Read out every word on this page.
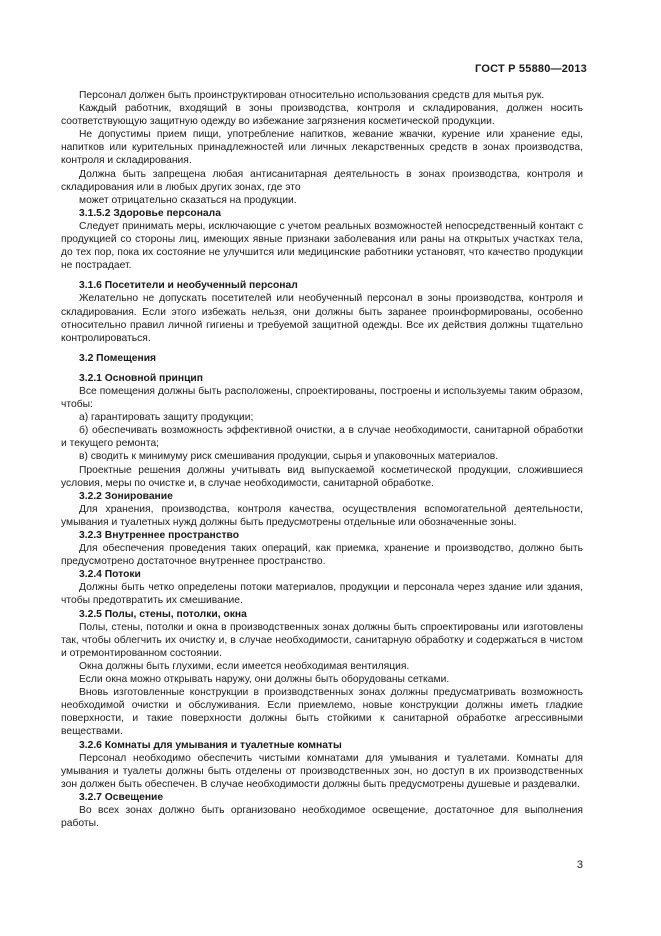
ГОСТ Р 55880—2013

Персонал должен быть проинструктирован относительно использования средств для мытья рук.

Каждый работник, входящий в зоны производства, контроля и складирования, должен носить соответствующую защитную одежду во избежание загрязнения косметической продукции.

Не допустимы прием пищи, употребление напитков, жевание жвачки, курение или хранение еды, напитков или курительных принадлежностей или личных лекарственных средств в зонах производства, контроля и складирования.

Должна быть запрещена любая антисанитарная деятельность в зонах производства, контроля и складирования или в любых других зонах, где это

может отрицательно сказаться на продукции.

3.1.5.2 Здоровье персонала

Следует принимать меры, исключающие с учетом реальных возможностей непосредственный контакт с продукцией со стороны лиц, имеющих явные признаки заболевания или раны на открытых участках тела, до тех пор, пока их состояние не улучшится или медицинские работники установят, что качество продукции не пострадает.

3.1.6 Посетители и необученный персонал

Желательно не допускать посетителей или необученный персонал в зоны производства, контроля и складирования. Если этого избежать нельзя, они должны быть заранее проинформированы, особенно относительно правил личной гигиены и требуемой защитной одежды. Все их действия должны тщательно контролироваться.

3.2 Помещения

3.2.1 Основной принцип

Все помещения должны быть расположены, спроектированы, построены и используемы таким образом, чтобы:

а) гарантировать защиту продукции;

б) обеспечивать возможность эффективной очистки, а в случае необходимости, санитарной обработки и текущего ремонта;

в) сводить к минимуму риск смешивания продукции, сырья и упаковочных материалов.

Проектные решения должны учитывать вид выпускаемой косметической продукции, сложившиеся условия, меры по очистке и, в случае необходимости, санитарной обработке.

3.2.2 Зонирование

Для хранения, производства, контроля качества, осуществления вспомогательной деятельности, умывания и туалетных нужд должны быть предусмотрены отдельные или обозначенные зоны.

3.2.3 Внутреннее пространство

Для обеспечения проведения таких операций, как приемка, хранение и производство, должно быть предусмотрено достаточное внутреннее пространство.

3.2.4 Потоки

Должны быть четко определены потоки материалов, продукции и персонала через здание или здания, чтобы предотвратить их смешивание.

3.2.5 Полы, стены, потолки, окна

Полы, стены, потолки и окна в производственных зонах должны быть спроектированы или изготовлены так, чтобы облегчить их очистку и, в случае необходимости, санитарную обработку и содержаться в чистом и отремонтированном состоянии.

Окна должны быть глухими, если имеется необходимая вентиляция.

Если окна можно открывать наружу, они должны быть оборудованы сетками.

Вновь изготовленные конструкции в производственных зонах должны предусматривать возможность необходимой очистки и обслуживания. Если приемлемо, новые конструкции должны иметь гладкие поверхности, и такие поверхности должны быть стойкими к санитарной обработке агрессивными веществами.

3.2.6 Комнаты для умывания и туалетные комнаты

Персонал необходимо обеспечить чистыми комнатами для умывания и туалетами. Комнаты для умывания и туалеты должны быть отделены от производственных зон, но доступ в их производственных зон должен быть обеспечен. В случае необходимости должны быть предусмотрены душевые и раздевалки.

3.2.7 Освещение

Во всех зонах должно быть организовано необходимое освещение, достаточное для выполнения работы.

3
